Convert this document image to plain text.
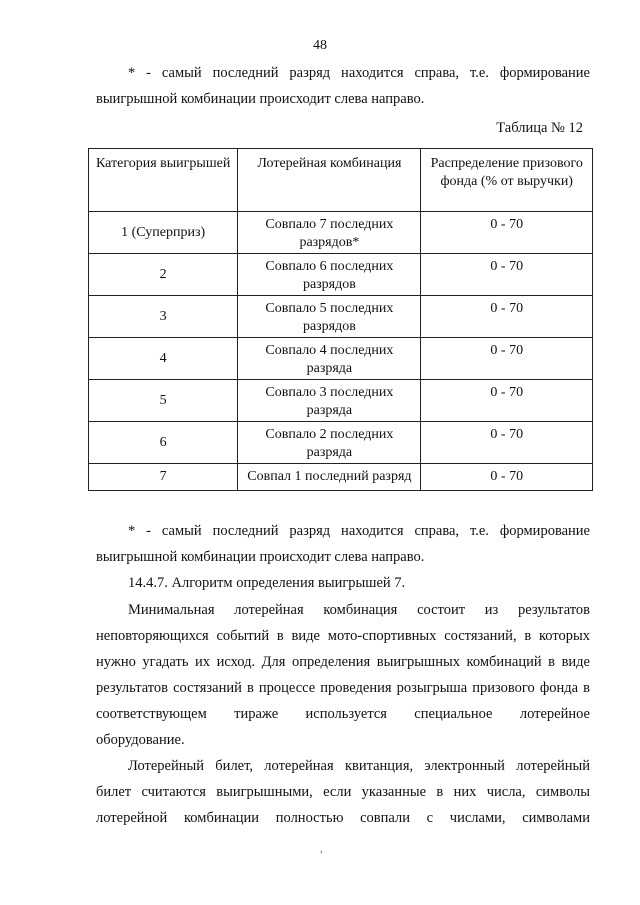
48

* - самый последний разряд находится справа, т.е. формирование
выигрышной комбинации происходит слева направо.

Таблица № 12
Категория выигрышей	Лотерейная комбинация	Распределение призового фонда (% от выручки)
1 (Суперприз)	Совпало 7 последних разрядов*	0 - 70
2	Совпало 6 последних разрядов	0 - 70
3	Совпало 5 последних разрядов	0 - 70
4	Совпало 4 последних разряда	0 - 70
5	Совпало 3 последних разряда	0 - 70
6	Совпало 2 последних разряда	0 - 70
7	Совпал 1 последний разряд	0 - 70

* - самый последний разряд находится справа, т.е. формирование
выигрышной комбинации происходит слева направо.

14.4.7. Алгоритм определения выигрышей 7.

Минимальная лотерейная комбинация состоит из результатов
неповторяющихся событий в виде мото-спортивных состязаний, в которых
нужно угадать их исход. Для определения выигрышных комбинаций в виде
результатов состязаний в процессе проведения розыгрыша призового фонда в
соответствующем тираже используется специальное лотерейное
оборудование.

Лотерейный билет, лотерейная квитанция, электронный лотерейный
билет считаются выигрышными, если указанные в них числа, символы
лотерейной комбинации полностью совпали с числами, символами

,
